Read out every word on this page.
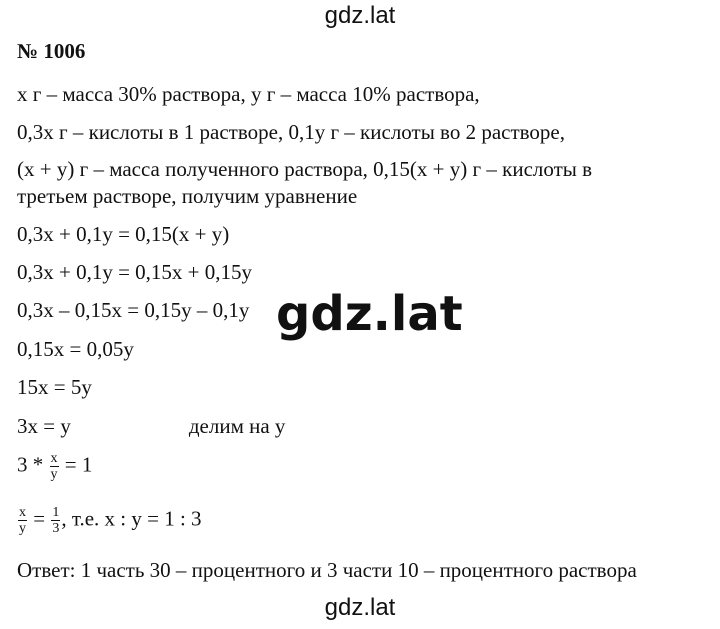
gdz.lat
№ 1006
х г – масса 30% раствора, у г – масса 10% раствора,
0,3х г – кислоты в 1 растворе, 0,1у г – кислоты во 2 растворе,
(х + у) г – масса полученного раствора, 0,15(х + у) г – кислоты в
третьем растворе, получим уравнение
0,3х + 0,1у = 0,15(х + у)
0,3х + 0,1у = 0,15х + 0,15у
0,3х – 0,15х = 0,15у – 0,1у
0,15х = 0,05у
15х = 5у
3х = у	делим на у
$3 * \frac{x}{y} = 1$
$\frac{x}{y} = \frac{1}{3}$ , т.е. х : у = 1 : 3
Ответ: 1 часть 30 – процентного и 3 части 10 – процентного раствора
gdz.lat
gdz.lat
